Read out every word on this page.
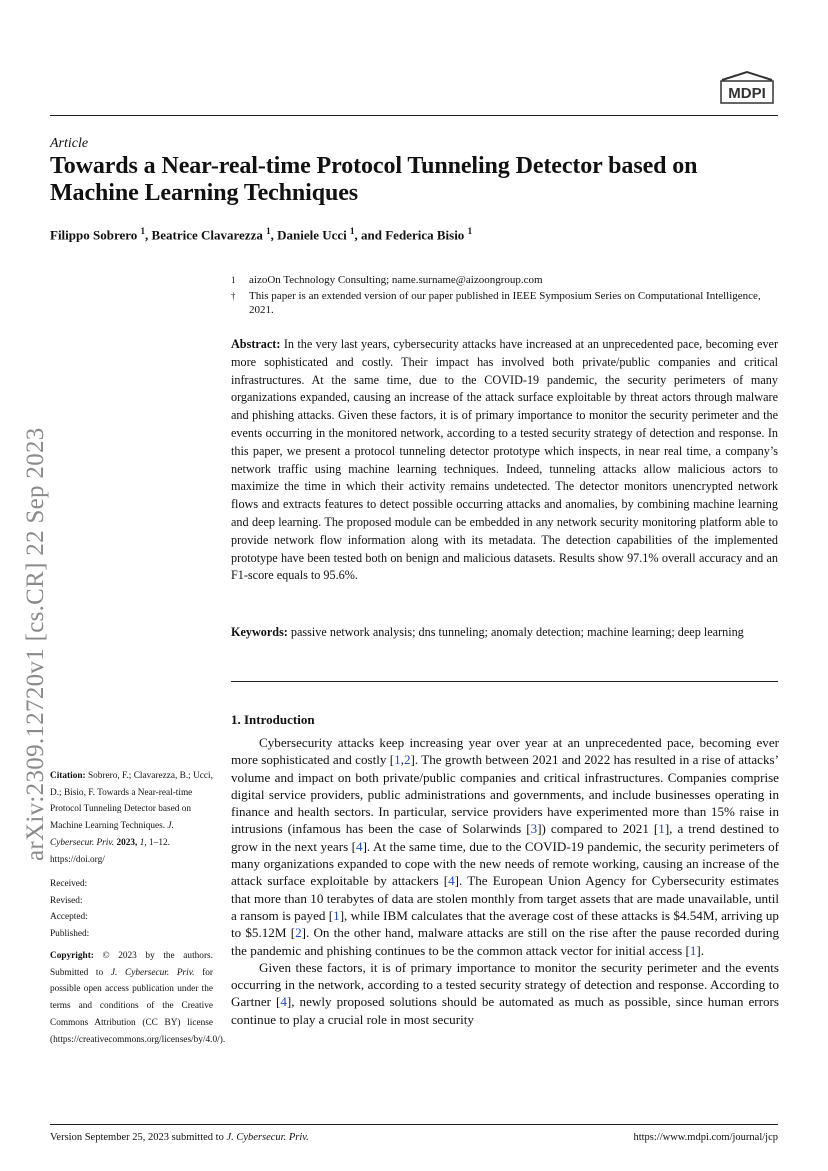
MDPI
Article
Towards a Near-real-time Protocol Tunneling Detector based on Machine Learning Techniques
Filippo Sobrero $^1$, Beatrice Clavarezza $^1$, Daniele Ucci $^1$, and Federica Bisio $^1$
1 aizoOn Technology Consulting; name.surname@aizoongroup.com
† This paper is an extended version of our paper published in IEEE Symposium Series on Computational Intelligence, 2021.
Abstract: In the very last years, cybersecurity attacks have increased at an unprecedented pace, becoming ever more sophisticated and costly. Their impact has involved both private/public companies and critical infrastructures. At the same time, due to the COVID-19 pandemic, the security perimeters of many organizations expanded, causing an increase of the attack surface exploitable by threat actors through malware and phishing attacks. Given these factors, it is of primary importance to monitor the security perimeter and the events occurring in the monitored network, according to a tested security strategy of detection and response. In this paper, we present a protocol tunneling detector prototype which inspects, in near real time, a company’s network traffic using machine learning techniques. Indeed, tunneling attacks allow malicious actors to maximize the time in which their activity remains undetected. The detector monitors unencrypted network flows and extracts features to detect possible occurring attacks and anomalies, by combining machine learning and deep learning. The proposed module can be embedded in any network security monitoring platform able to provide network flow information along with its metadata. The detection capabilities of the implemented prototype have been tested both on benign and malicious datasets. Results show 97.1% overall accuracy and an F1-score equals to 95.6%.
Keywords: passive network analysis; dns tunneling; anomaly detection; machine learning; deep learning
1. Introduction

Cybersecurity attacks keep increasing year over year at an unprecedented pace, becoming ever more sophisticated and costly [1,2]. The growth between 2021 and 2022 has resulted in a rise of attacks’ volume and impact on both private/public companies and critical infrastructures. Companies comprise digital service providers, public administrations and governments, and include businesses operating in finance and health sectors. In particular, service providers have experimented more than 15% raise in intrusions (infamous has been the case of Solarwinds [3]) compared to 2021 [1], a trend destined to grow in the next years [4]. At the same time, due to the COVID-19 pandemic, the security perimeters of many organizations expanded to cope with the new needs of remote working, causing an increase of the attack surface exploitable by attackers [4]. The European Union Agency for Cybersecurity estimates that more than 10 terabytes of data are stolen monthly from target assets that are made unavailable, until a ransom is payed [1], while IBM calculates that the average cost of these attacks is $4.54M, arriving up to $5.12M [2]. On the other hand, malware attacks are still on the rise after the pause recorded during the pandemic and phishing continues to be the common attack vector for initial access [1].

Given these factors, it is of primary importance to monitor the security perimeter and the events occurring in the network, according to a tested security strategy of detection and response. According to Gartner [4], newly proposed solutions should be automated as much as possible, since human errors continue to play a crucial role in most security

arXiv:2309.12720v1 [cs.CR] 22 Sep 2023 Citation: Sobrero, F.; Clavarezza, B.; Ucci, D.; Bisio, F. Towards a Near-real-time Protocol Tunneling Detector based on Machine Learning Techniques. J. Cybersecur. Priv. 2023, 1, 1–12. https://doi.org/
Received:
Revised:
Accepted:
Published:
Copyright: © 2023 by the authors. Submitted to J. Cybersecur. Priv. for possible open access publication under the terms and conditions of the Creative Commons Attribution (CC BY) license (https://creativecommons.org/licenses/by/4.0/).
Version September 25, 2023 submitted to J. Cybersecur. Priv.	https://www.mdpi.com/journal/jcp
